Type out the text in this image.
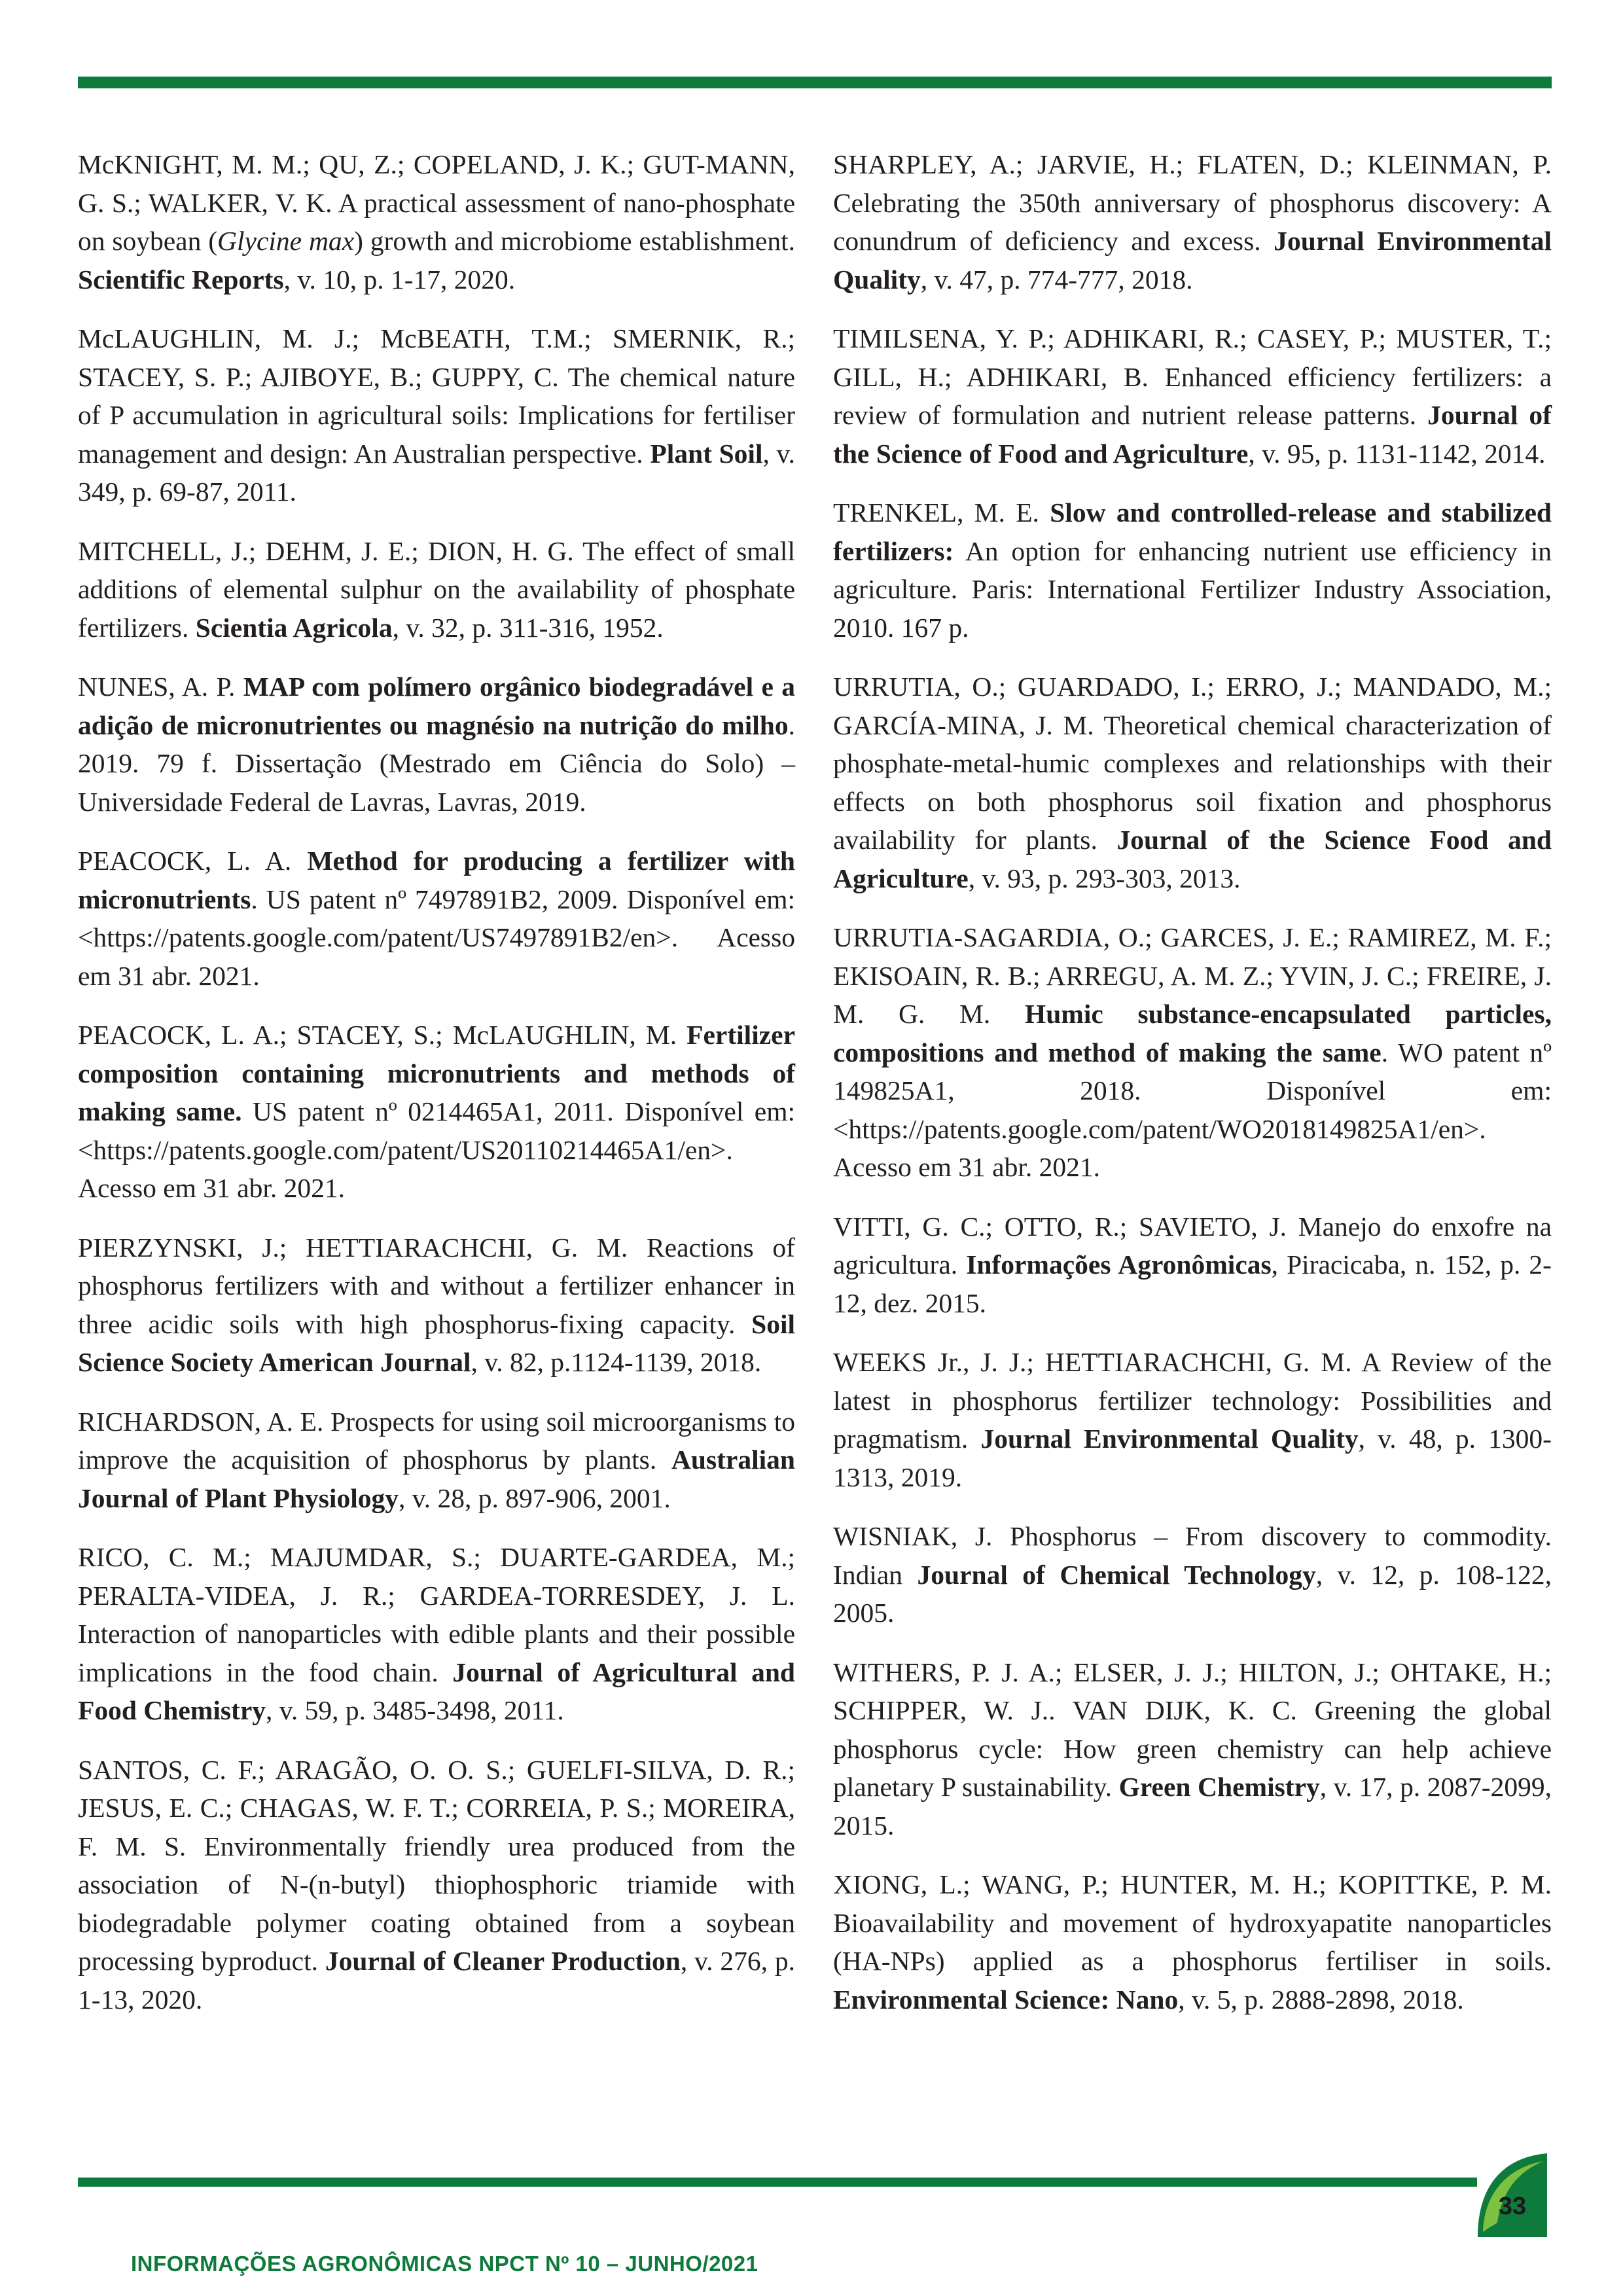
McKNIGHT, M. M.; QU, Z.; COPELAND, J. K.; GUT-MANN, G. S.; WALKER, V. K. A practical assessment of nano-phosphate on soybean (Glycine max) growth and microbiome establishment. Scientific Reports, v. 10, p. 1-17, 2020.

McLAUGHLIN, M. J.; McBEATH, T.M.; SMERNIK, R.; STACEY, S. P.; AJIBOYE, B.; GUPPY, C. The chemical nature of P accumulation in agricultural soils: Implications for fertiliser management and design: An Australian perspective. Plant Soil, v. 349, p. 69-87, 2011.

MITCHELL, J.; DEHM, J. E.; DION, H. G. The effect of small additions of elemental sulphur on the availability of phosphate fertilizers. Scientia Agricola, v. 32, p. 311-316, 1952.

NUNES, A. P. MAP com polímero orgânico biodegradável e a adição de micronutrientes ou magnésio na nutrição do milho. 2019. 79 f. Dissertação (Mestrado em Ciência do Solo) – Universidade Federal de Lavras, Lavras, 2019.

PEACOCK, L. A. Method for producing a fertilizer with micronutrients. US patent nº 7497891B2, 2009. Disponível em: <https://patents.google.com/patent/US7497891B2/en>. Acesso em 31 abr. 2021.

PEACOCK, L. A.; STACEY, S.; McLAUGHLIN, M. Fertilizer composition containing micronutrients and methods of making same. US patent nº 0214465A1, 2011. Disponível em: <https://patents.google.com/patent/US20110214465A1/en>. Acesso em 31 abr. 2021.

PIERZYNSKI, J.; HETTIARACHCHI, G. M. Reactions of phosphorus fertilizers with and without a fertilizer enhancer in three acidic soils with high phosphorus-fixing capacity. Soil Science Society American Journal, v. 82, p.1124-1139, 2018.

RICHARDSON, A. E. Prospects for using soil microorganisms to improve the acquisition of phosphorus by plants. Australian Journal of Plant Physiology, v. 28, p. 897-906, 2001.

RICO, C. M.; MAJUMDAR, S.; DUARTE-GARDEA, M.; PERALTA-VIDEA, J. R.; GARDEA-TORRESDEY, J. L. Interaction of nanoparticles with edible plants and their possible implications in the food chain. Journal of Agricultural and Food Chemistry, v. 59, p. 3485-3498, 2011.

SANTOS, C. F.; ARAGÃO, O. O. S.; GUELFI-SILVA, D. R.; JESUS, E. C.; CHAGAS, W. F. T.; CORREIA, P. S.; MOREIRA, F. M. S. Environmentally friendly urea produced from the association of N-(n-butyl) thiophosphoric triamide with biodegradable polymer coating obtained from a soybean processing byproduct. Journal of Cleaner Production, v. 276, p. 1-13, 2020.

SHARPLEY, A.; JARVIE, H.; FLATEN, D.; KLEINMAN, P. Celebrating the 350th anniversary of phosphorus discovery: A conundrum of deficiency and excess. Journal Environmental Quality, v. 47, p. 774-777, 2018.

TIMILSENA, Y. P.; ADHIKARI, R.; CASEY, P.; MUSTER, T.; GILL, H.; ADHIKARI, B. Enhanced efficiency fertilizers: a review of formulation and nutrient release patterns. Journal of the Science of Food and Agriculture, v. 95, p. 1131-1142, 2014.

TRENKEL, M. E. Slow and controlled-release and stabilized fertilizers: An option for enhancing nutrient use efficiency in agriculture. Paris: International Fertilizer Industry Association, 2010. 167 p.

URRUTIA, O.; GUARDADO, I.; ERRO, J.; MANDADO, M.; GARCÍA-MINA, J. M. Theoretical chemical characterization of phosphate-metal-humic complexes and relationships with their effects on both phosphorus soil fixation and phosphorus availability for plants. Journal of the Science Food and Agriculture, v. 93, p. 293-303, 2013.

URRUTIA-SAGARDIA, O.; GARCES, J. E.; RAMIREZ, M. F.; EKISOAIN, R. B.; ARREGU, A. M. Z.; YVIN, J. C.; FREIRE, J. M. G. M. Humic substance-encapsulated particles, compositions and method of making the same. WO patent nº 149825A1, 2018. Disponível em: <https://patents.google.com/patent/WO2018149825A1/en>. Acesso em 31 abr. 2021.

VITTI, G. C.; OTTO, R.; SAVIETO, J. Manejo do enxofre na agricultura. Informações Agronômicas, Piracicaba, n. 152, p. 2-12, dez. 2015.

WEEKS Jr., J. J.; HETTIARACHCHI, G. M. A Review of the latest in phosphorus fertilizer technology: Possibilities and pragmatism. Journal Environmental Quality, v. 48, p. 1300-1313, 2019.

WISNIAK, J. Phosphorus – From discovery to commodity. Indian Journal of Chemical Technology, v. 12, p. 108-122, 2005.

WITHERS, P. J. A.; ELSER, J. J.; HILTON, J.; OHTAKE, H.; SCHIPPER, W. J.. VAN DIJK, K. C. Greening the global phosphorus cycle: How green chemistry can help achieve planetary P sustainability. Green Chemistry, v. 17, p. 2087-2099, 2015.

XIONG, L.; WANG, P.; HUNTER, M. H.; KOPITTKE, P. M. Bioavailability and movement of hydroxyapatite nanoparticles (HA-NPs) applied as a phosphorus fertiliser in soils. Environmental Science: Nano, v. 5, p. 2888-2898, 2018.

33
INFORMAÇÕES AGRONÔMICAS NPCT Nº 10 – JUNHO/2021
